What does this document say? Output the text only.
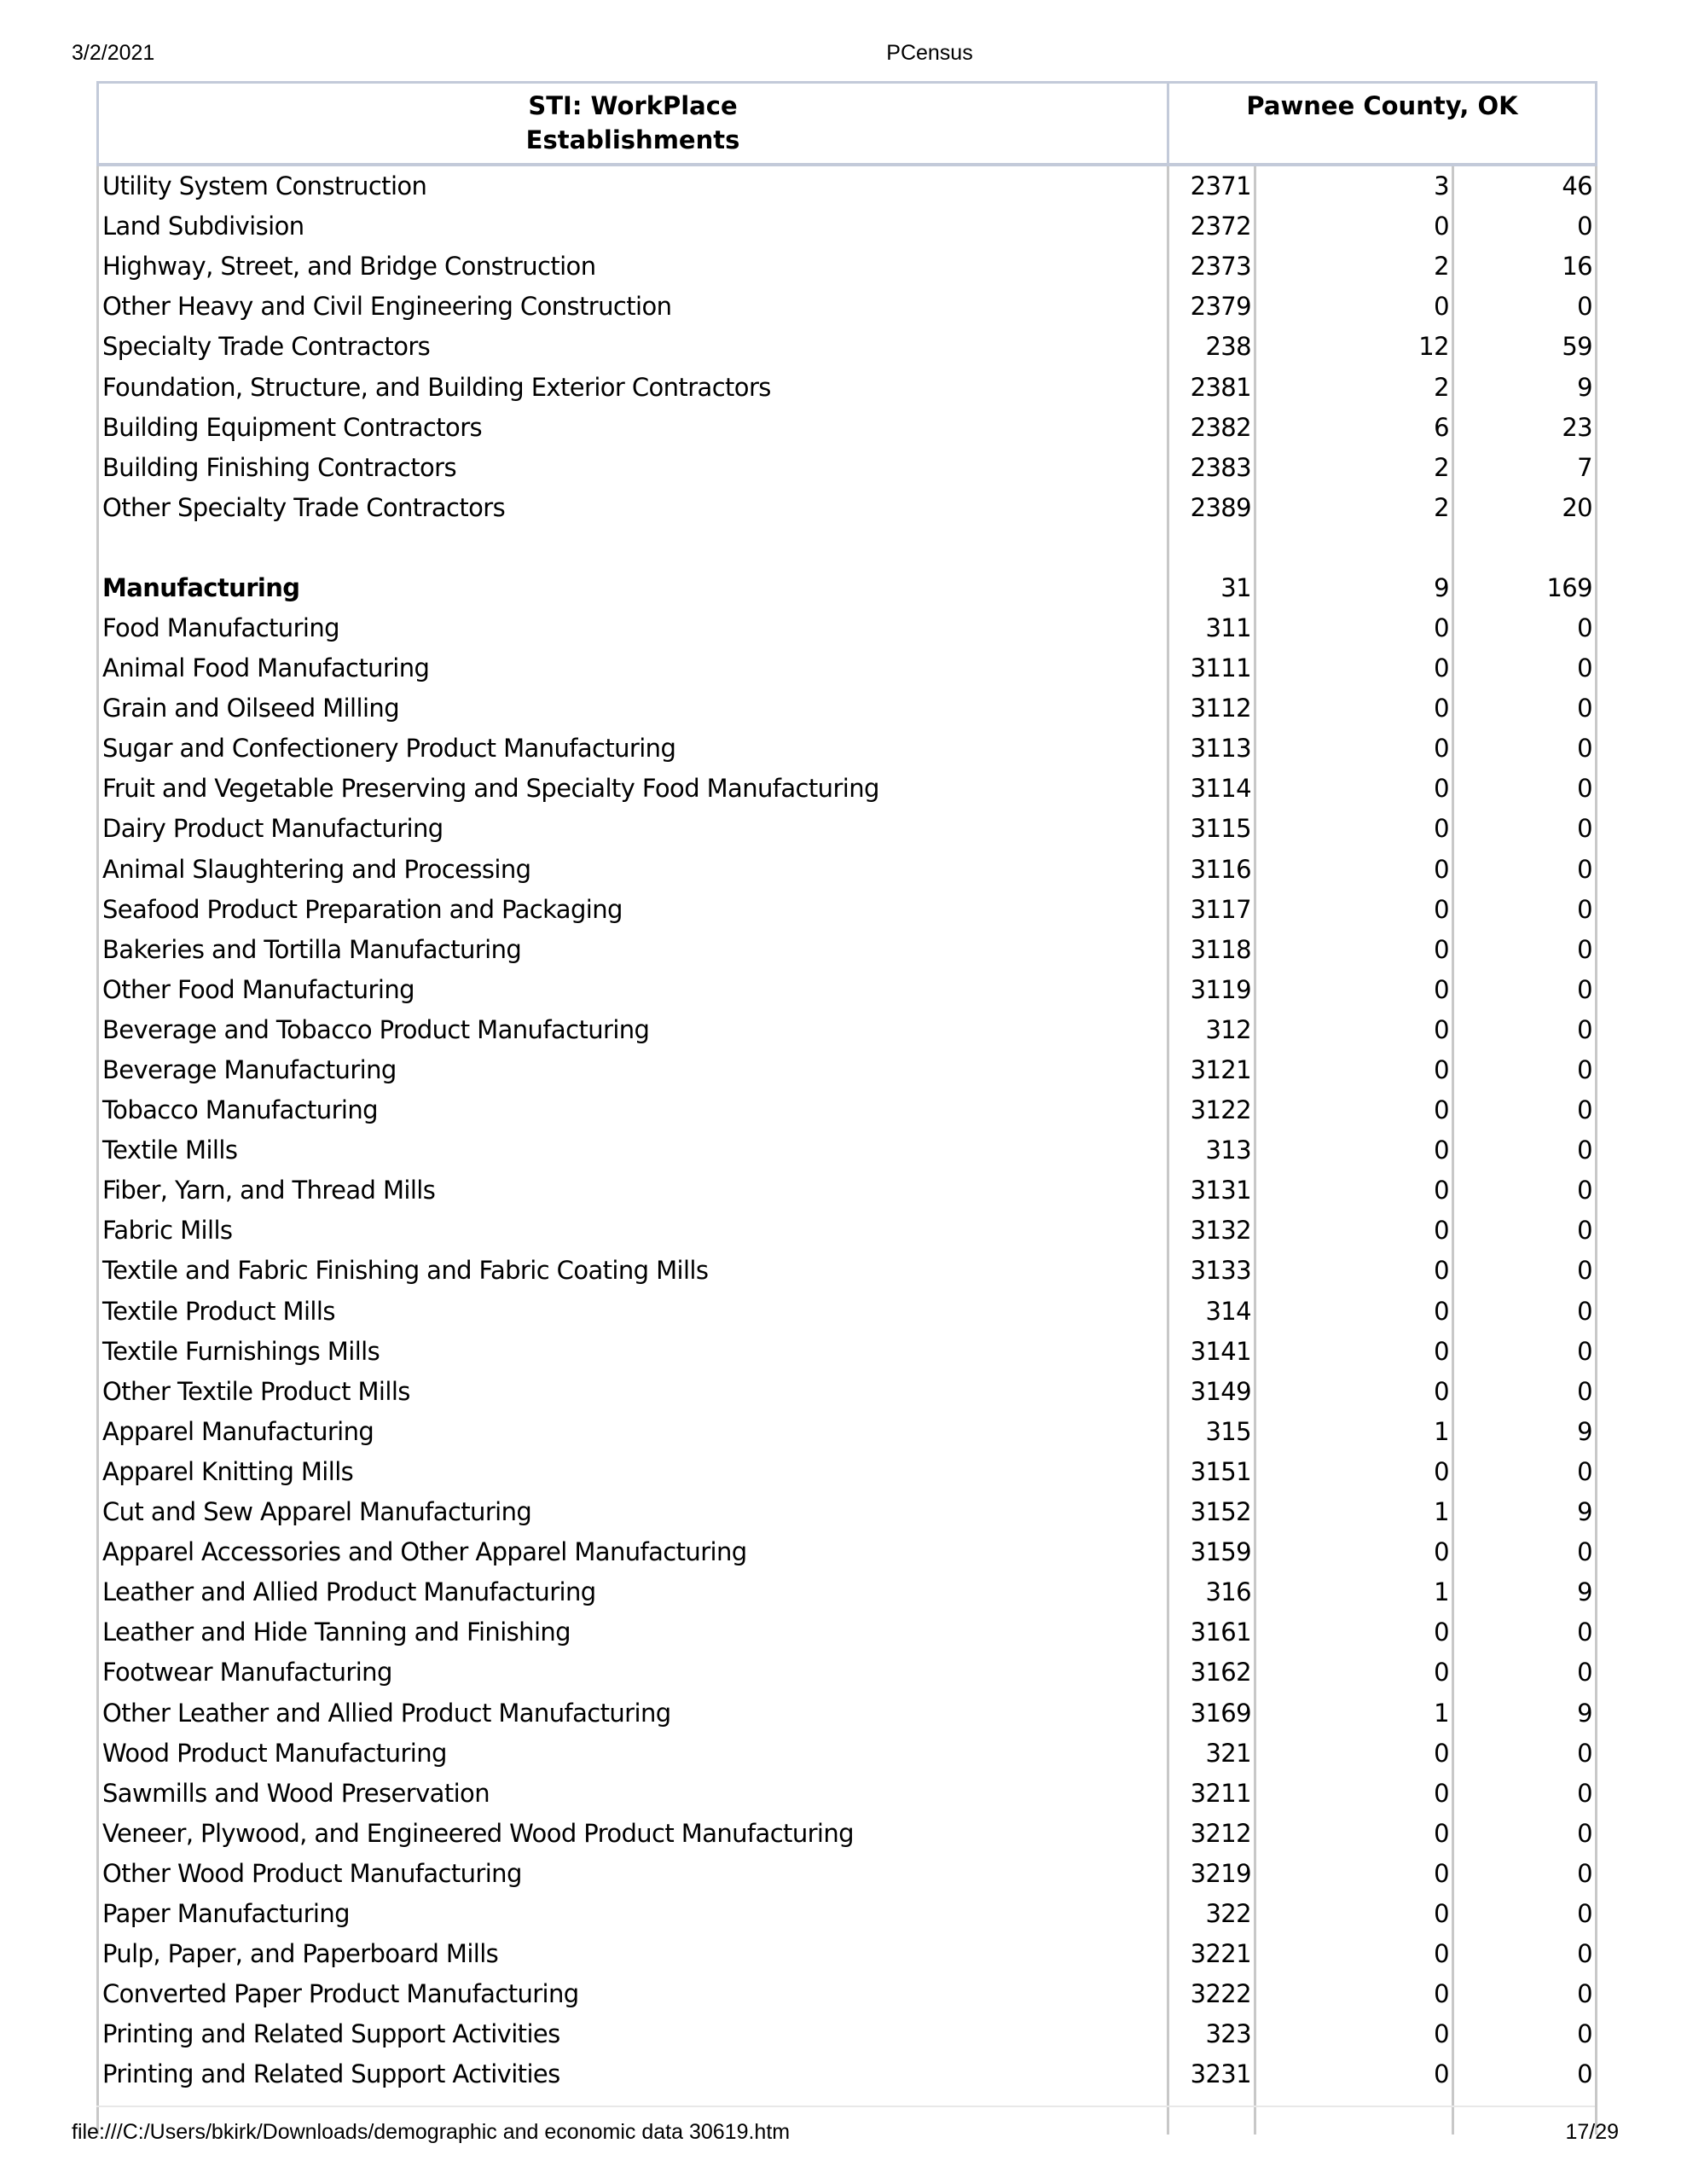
3/2/2021	PCensus
STI: WorkPlace
Establishments	Pawnee County, OK		
Utility System Construction	2371	3	46
Land Subdivision	2372	0	0
Highway, Street, and Bridge Construction	2373	2	16
Other Heavy and Civil Engineering Construction	2379	0	0
Specialty Trade Contractors	238	12	59
Foundation, Structure, and Building Exterior Contractors	2381	2	9
Building Equipment Contractors	2382	6	23
Building Finishing Contractors	2383	2	7
Other Specialty Trade Contractors	2389	2	20

Manufacturing	31	9	169
Food Manufacturing	311	0	0
Animal Food Manufacturing	3111	0	0
Grain and Oilseed Milling	3112	0	0
Sugar and Confectionery Product Manufacturing	3113	0	0
Fruit and Vegetable Preserving and Specialty Food Manufacturing	3114	0	0
Dairy Product Manufacturing	3115	0	0
Animal Slaughtering and Processing	3116	0	0
Seafood Product Preparation and Packaging	3117	0	0
Bakeries and Tortilla Manufacturing	3118	0	0
Other Food Manufacturing	3119	0	0
Beverage and Tobacco Product Manufacturing	312	0	0
Beverage Manufacturing	3121	0	0
Tobacco Manufacturing	3122	0	0
Textile Mills	313	0	0
Fiber, Yarn, and Thread Mills	3131	0	0
Fabric Mills	3132	0	0
Textile and Fabric Finishing and Fabric Coating Mills	3133	0	0
Textile Product Mills	314	0	0
Textile Furnishings Mills	3141	0	0
Other Textile Product Mills	3149	0	0
Apparel Manufacturing	315	1	9
Apparel Knitting Mills	3151	0	0
Cut and Sew Apparel Manufacturing	3152	1	9
Apparel Accessories and Other Apparel Manufacturing	3159	0	0
Leather and Allied Product Manufacturing	316	1	9
Leather and Hide Tanning and Finishing	3161	0	0
Footwear Manufacturing	3162	0	0
Other Leather and Allied Product Manufacturing	3169	1	9
Wood Product Manufacturing	321	0	0
Sawmills and Wood Preservation	3211	0	0
Veneer, Plywood, and Engineered Wood Product Manufacturing	3212	0	0
Other Wood Product Manufacturing	3219	0	0
Paper Manufacturing	322	0	0
Pulp, Paper, and Paperboard Mills	3221	0	0
Converted Paper Product Manufacturing	3222	0	0
Printing and Related Support Activities	323	0	0
Printing and Related Support Activities	3231	0	0

file:///C:/Users/bkirk/Downloads/demographic and economic data 30619.htm	17/29
